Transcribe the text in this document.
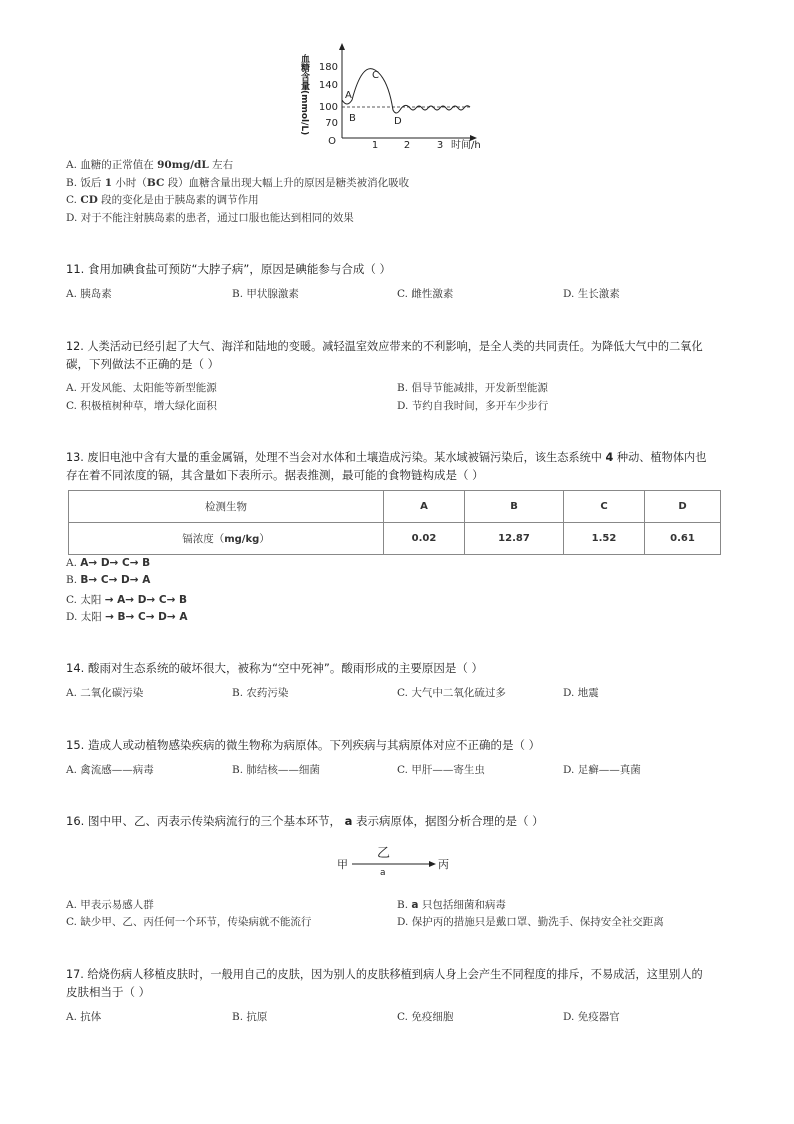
血糖含量(mmol/L) 180
140
100
70
O	1	2	3 时间/h
A
B
C
D
A. 血糖的正常值在 90mg/dL 左右
B. 饭后 1 小时（BC 段）血糖含量出现大幅上升的原因是糖类被消化吸收
C. CD 段的变化是由于胰岛素的调节作用
D. 对于不能注射胰岛素的患者，通过口服也能达到相同的效果
11. 食用加碘食盐可预防“大脖子病”，原因是碘能参与合成（ ）
A. 胰岛素	B. 甲状腺激素	C. 雌性激素	D. 生长激素
12. 人类活动已经引起了大气、海洋和陆地的变暖。减轻温室效应带来的不利影响，是全人类的共同责任。为降低大气中的二氧化
碳，下列做法不正确的是（ ）
A. 开发风能、太阳能等新型能源	B. 倡导节能减排，开发新型能源
C. 积极植树种草，增大绿化面积	D. 节约自我时间，多开车少步行
13. 废旧电池中含有大量的重金属镉，处理不当会对水体和土壤造成污染。某水域被镉污染后，该生态系统中 4 种动、植物体内也
存在着不同浓度的镉，其含量如下表所示。据表推测，最可能的食物链构成是（ ）
检测生物	A	B	C	D
镉浓度（mg/kg）	0.02	12.87	1.52	0.61
A. A→ D→ C→ B
B. B→ C→ D→ A
C. 太阳 → A→ D→ C→ B
D. 太阳 → B→ C→ D→ A
14. 酸雨对生态系统的破坏很大，被称为“空中死神”。酸雨形成的主要原因是（ ）
A. 二氧化碳污染	B. 农药污染	C. 大气中二氧化硫过多	D. 地震
15. 造成人或动植物感染疾病的微生物称为病原体。下列疾病与其病原体对应不正确的是（ ）
A. 禽流感——病毒	B. 肺结核——细菌	C. 甲肝——寄生虫	D. 足癣——真菌
16. 图中甲、乙、丙表示传染病流行的三个基本环节， a 表示病原体，据图分析合理的是（ ）
甲
乙
a
丙
A. 甲表示易感人群	B. a 只包括细菌和病毒
C. 缺少甲、乙、丙任何一个环节，传染病就不能流行	D. 保护丙的措施只是戴口罩、勤洗手、保持安全社交距离
17. 给烧伤病人移植皮肤时，一般用自己的皮肤，因为别人的皮肤移植到病人身上会产生不同程度的排斥，不易成活，这里别人的
皮肤相当于（ ）
A. 抗体	B. 抗原	C. 免疫细胞	D. 免疫器官
